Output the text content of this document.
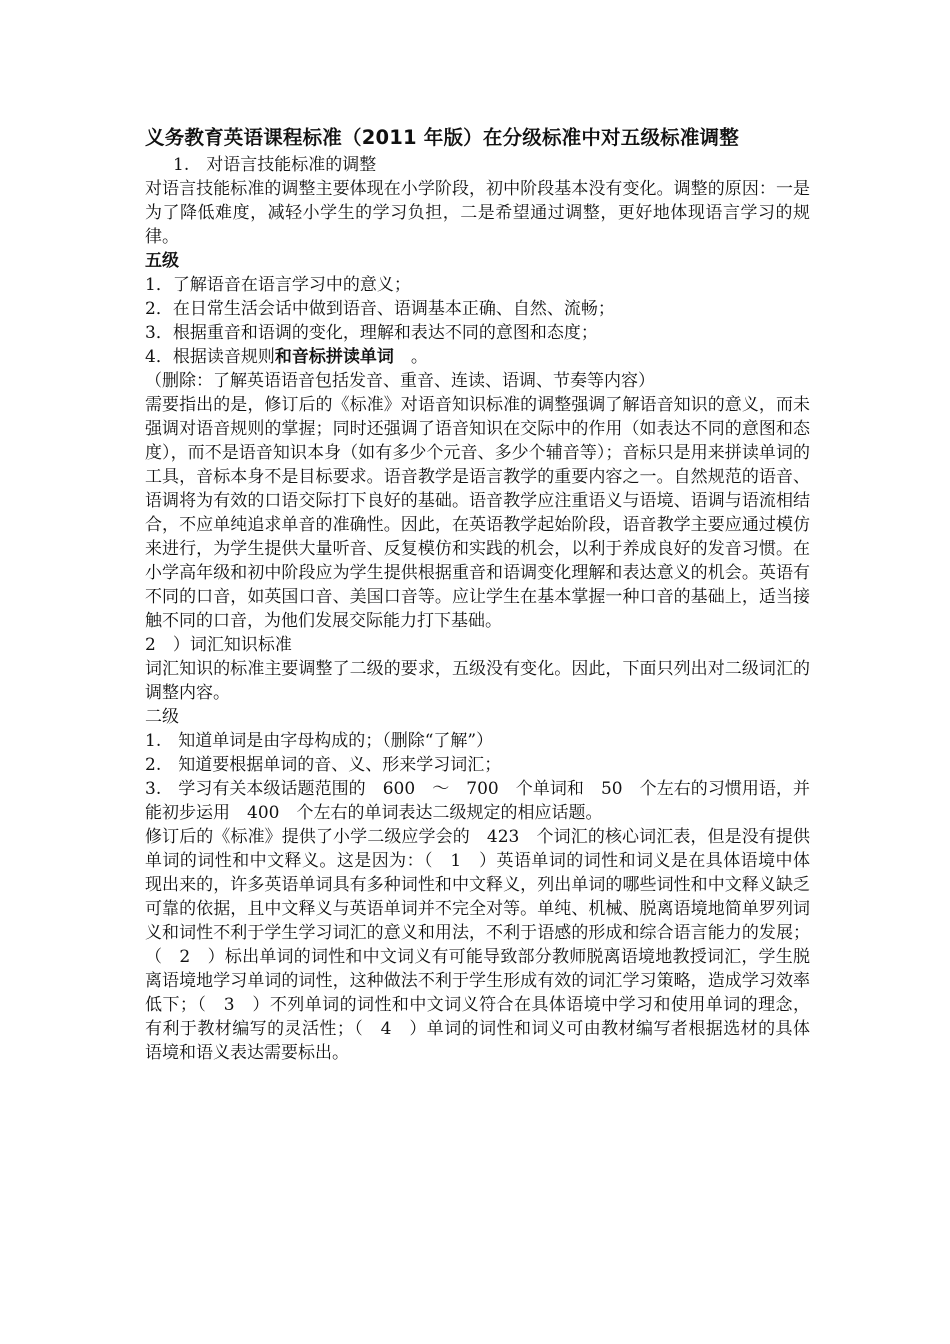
义务教育英语课程标准（2011 年版）在分级标准中对五级标准调整

1.　对语言技能标准的调整

对语言技能标准的调整主要体现在小学阶段，初中阶段基本没有变化。调整的原因：一是为了降低难度，减轻小学生的学习负担，二是希望通过调整，更好地体现语言学习的规律。

五级

1．了解语音在语言学习中的意义；

2．在日常生活会话中做到语音、语调基本正确、自然、流畅；

3．根据重音和语调的变化，理解和表达不同的意图和态度；

4．根据读音规则和音标拼读单词　。

（删除：了解英语语音包括发音、重音、连读、语调、节奏等内容）

需要指出的是，修订后的《标准》对语音知识标准的调整强调了解语音知识的意义，而未强调对语音规则的掌握；同时还强调了语音知识在交际中的作用（如表达不同的意图和态度），而不是语音知识本身（如有多少个元音、多少个辅音等）；音标只是用来拼读单词的工具，音标本身不是目标要求。语音教学是语言教学的重要内容之一。自然规范的语音、语调将为有效的口语交际打下良好的基础。语音教学应注重语义与语境、语调与语流相结合，不应单纯追求单音的准确性。因此，在英语教学起始阶段，语音教学主要应通过模仿来进行，为学生提供大量听音、反复模仿和实践的机会，以利于养成良好的发音习惯。在小学高年级和初中阶段应为学生提供根据重音和语调变化理解和表达意义的机会。英语有不同的口音，如英国口音、美国口音等。应让学生在基本掌握一种口音的基础上，适当接触不同的口音，为他们发展交际能力打下基础。

2　）词汇知识标准

词汇知识的标准主要调整了二级的要求，五级没有变化。因此，下面只列出对二级词汇的调整内容。

二级

1.　知道单词是由字母构成的；（删除“了解”）

2.　知道要根据单词的音、义、形来学习词汇；

3.　学习有关本级话题范围的　600　～　700　个单词和　50　个左右的习惯用语，并能初步运用　400　个左右的单词表达二级规定的相应话题。

修订后的《标准》提供了小学二级应学会的　423　个词汇的核心词汇表，但是没有提供单词的词性和中文释义。这是因为：（　1　）英语单词的词性和词义是在具体语境中体现出来的，许多英语单词具有多种词性和中文释义，列出单词的哪些词性和中文释义缺乏可靠的依据，且中文释义与英语单词并不完全对等。单纯、机械、脱离语境地简单罗列词义和词性不利于学生学习词汇的意义和用法，不利于语感的形成和综合语言能力的发展；（　2　）标出单词的词性和中文词义有可能导致部分教师脱离语境地教授词汇，学生脱离语境地学习单词的词性，这种做法不利于学生形成有效的词汇学习策略，造成学习效率低下；（　3　）不列单词的词性和中文词义符合在具体语境中学习和使用单词的理念，有利于教材编写的灵活性；（　4　）单词的词性和词义可由教材编写者根据选材的具体语境和语义表达需要标出。
